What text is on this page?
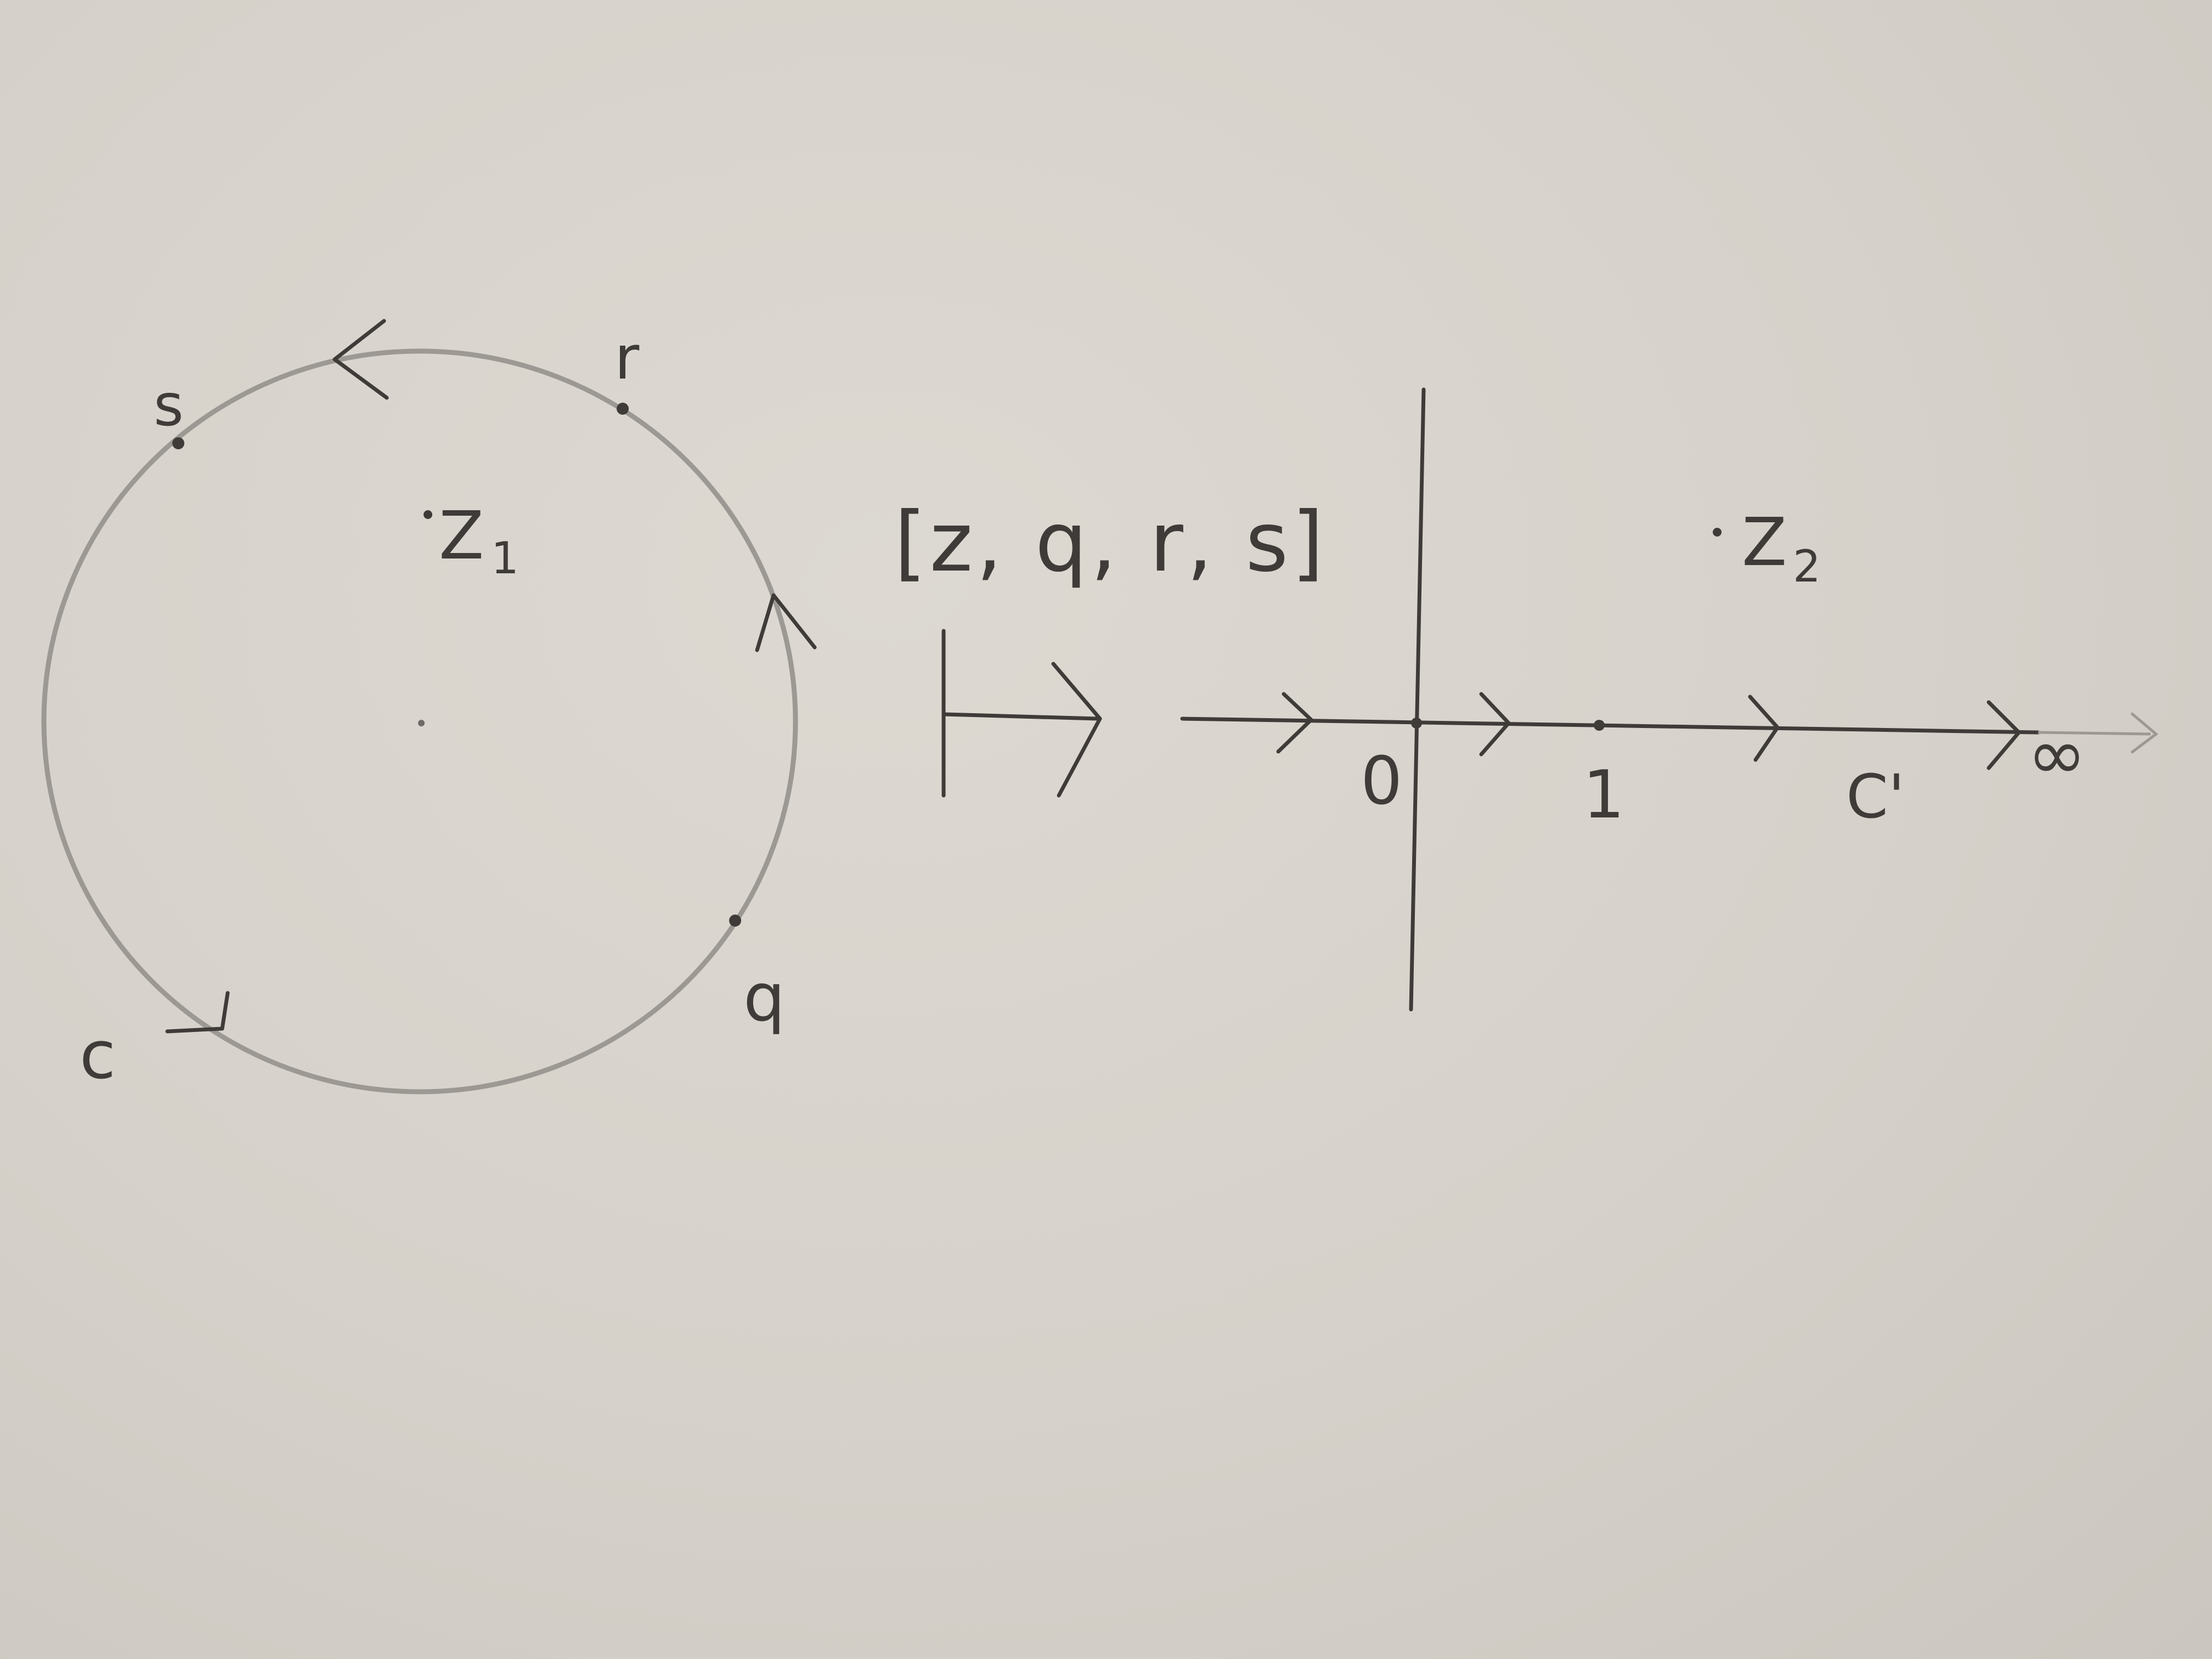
s
r
q
c
Z 1	[z, q, r, s]
0	1	∞
C'
Z 2
